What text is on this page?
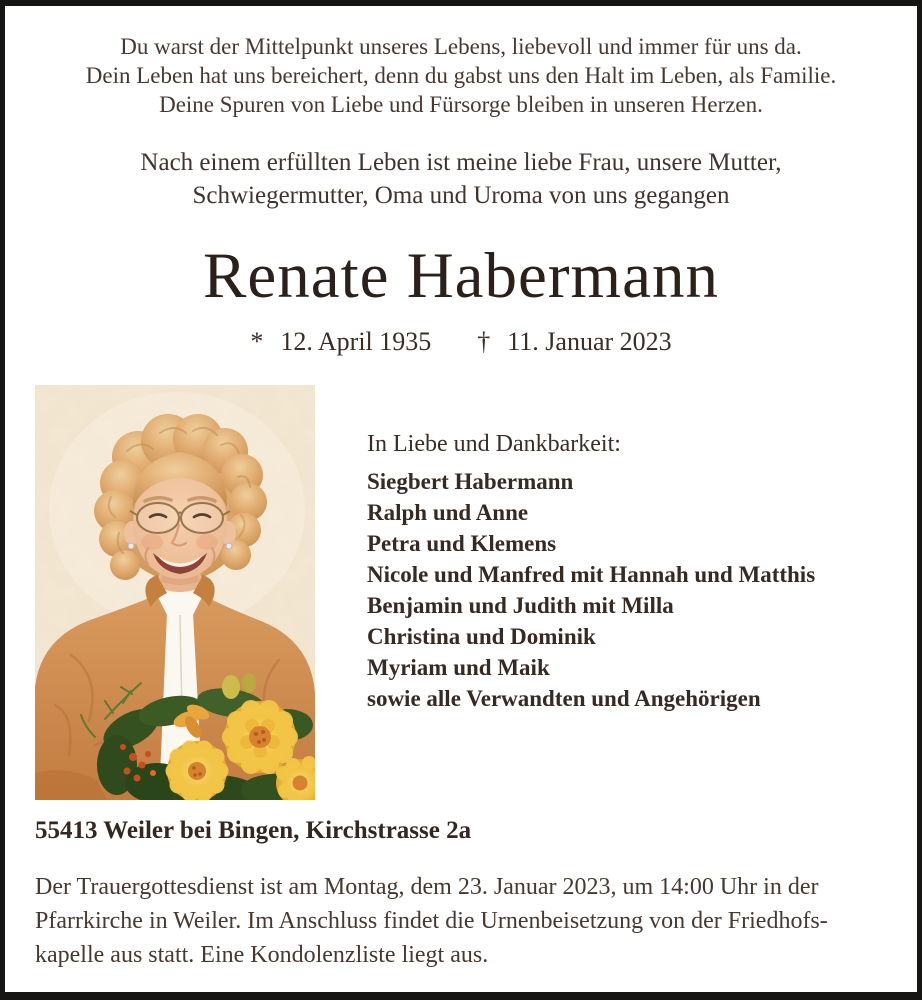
Du warst der Mittelpunkt unseres Lebens, liebevoll und immer für uns da.
Dein Leben hat uns bereichert, denn du gabst uns den Halt im Leben, als Familie.
Deine Spuren von Liebe und Fürsorge bleiben in unseren Herzen.
Nach einem erfüllten Leben ist meine liebe Frau, unsere Mutter,
Schwiegermutter, Oma und Uroma von uns gegangen
Renate Habermann
* 12. April 1935 † 11. Januar 2023
In Liebe und Dankbarkeit:
Siegbert Habermann
Ralph und Anne
Petra und Klemens
Nicole und Manfred mit Hannah und Matthis
Benjamin und Judith mit Milla
Christina und Dominik
Myriam und Maik
sowie alle Verwandten und Angehörigen
55413 Weiler bei Bingen, Kirchstrasse 2a
Der Trauergottesdienst ist am Montag, dem 23. Januar 2023, um 14:00 Uhr in der
Pfarrkirche in Weiler. Im Anschluss findet die Urnenbeisetzung von der Friedhofs-
kapelle aus statt. Eine Kondolenzliste liegt aus.
